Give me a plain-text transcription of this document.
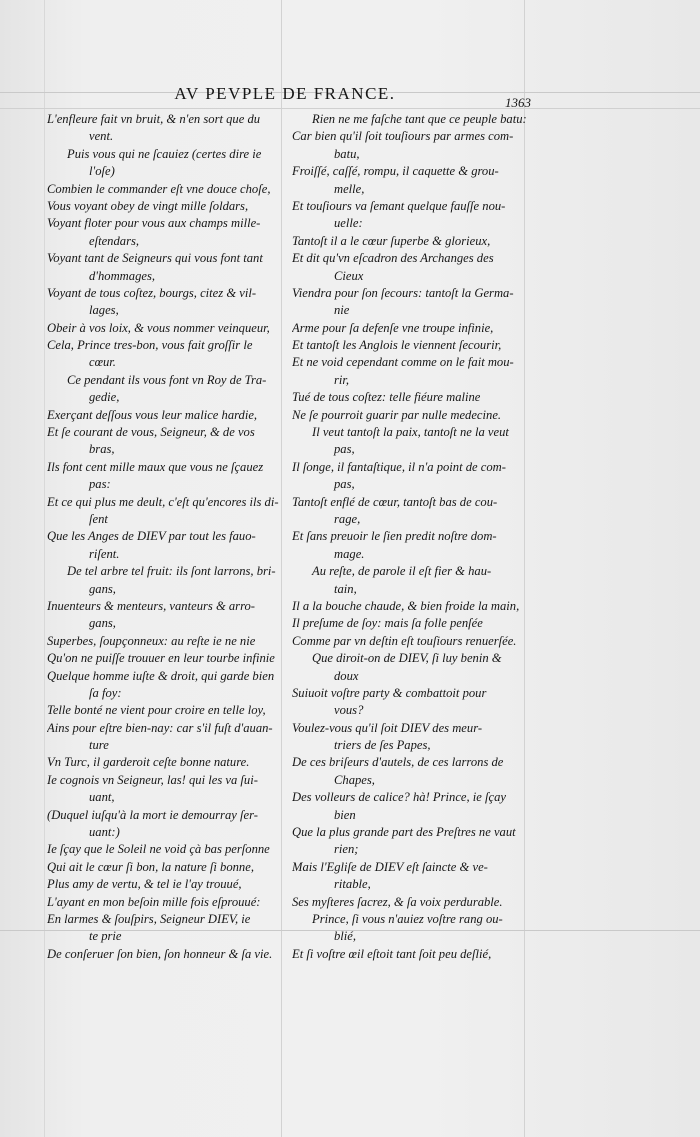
AV PEVPLE DE FRANCE.	1363
L'enfleure fait vn bruit, & n'en sort que du
vent.
Puis vous qui ne ſcauiez (certes dire ie
l'oſe)
Combien le commander eſt vne douce choſe,
Vous voyant obey de vingt mille ſoldars,
Voyant floter pour vous aux champs mille-
eſtendars,
Voyant tant de Seigneurs qui vous font tant
d'hommages,
Voyant de tous coſtez, bourgs, citez & vil-
lages,
Obeir à vos loix, & vous nommer veinqueur,
Cela, Prince tres-bon, vous fait groſſir le
cœur.
Ce pendant ils vous font vn Roy de Tra-
gedie,
Exerçant deſſous vous leur malice hardie,
Et ſe courant de vous, Seigneur, & de vos
bras,
Ils font cent mille maux que vous ne ſçauez
pas:
Et ce qui plus me deult, c'eſt qu'encores ils di-
ſent
Que les Anges de DIEV par tout les fauo-
riſent.
De tel arbre tel fruit: ils ſont larrons, bri-
gans,
Inuenteurs & menteurs, vanteurs & arro-
gans,
Superbes, ſoupçonneux: au reſte ie ne nie
Qu'on ne puiſſe trouuer en leur tourbe infinie
Quelque homme iuſte & droit, qui garde bien
ſa foy:
Telle bonté ne vient pour croire en telle loy,
Ains pour eſtre bien-nay: car s'il fuſt d'auan-
ture
Vn Turc, il garderoit ceſte bonne nature.
Ie cognois vn Seigneur, las! qui les va ſui-
uant,
(Duquel iuſqu'à la mort ie demourray ſer-
uant:)
Ie ſçay que le Soleil ne void çà bas perſonne
Qui ait le cœur ſi bon, la nature ſi bonne,
Plus amy de vertu, & tel ie l'ay trouué,
L'ayant en mon beſoin mille fois eſprouué:
En larmes & ſouſpirs, Seigneur DIEV, ie
te prie
De conſeruer ſon bien, ſon honneur & ſa vie.
Rien ne me faſche tant que ce peuple batu:
Car bien qu'il ſoit touſiours par armes com-
batu,
Froiſſé, caſſé, rompu, il caquette & grou-
melle,
Et touſiours va ſemant quelque fauſſe nou-
uelle:
Tantoſt il a le cœur ſuperbe & glorieux,
Et dit qu'vn eſcadron des Archanges des
Cieux
Viendra pour ſon ſecours: tantoſt la Germa-
nie
Arme pour ſa defenſe vne troupe infinie,
Et tantoſt les Anglois le viennent ſecourir,
Et ne void cependant comme on le fait mou-
rir,
Tué de tous coſtez: telle fiéure maline
Ne ſe pourroit guarir par nulle medecine.
Il veut tantoſt la paix, tantoſt ne la veut
pas,
Il ſonge, il fantaſtique, il n'a point de com-
pas,
Tantoſt enflé de cœur, tantoſt bas de cou-
rage,
Et ſans preuoir le ſien predit noſtre dom-
mage.
Au reſte, de parole il eſt fier & hau-
tain,
Il a la bouche chaude, & bien froide la main,
Il preſume de ſoy: mais ſa folle penſée
Comme par vn deſtin eſt touſiours renuerſée.
Que diroit-on de DIEV, ſi luy benin &
doux
Suiuoit voſtre party & combattoit pour
vous?
Voulez-vous qu'il ſoit DIEV des meur-
triers de ſes Papes,
De ces briſeurs d'autels, de ces larrons de
Chapes,
Des volleurs de calice? hà! Prince, ie ſçay
bien
Que la plus grande part des Preſtres ne vaut
rien;
Mais l'Egliſe de DIEV eſt ſaincte & ve-
ritable,
Ses myſteres ſacrez, & ſa voix perdurable.
Prince, ſi vous n'auiez voſtre rang ou-
blié,
Et ſi voſtre œil eſtoit tant ſoit peu deſlié,
